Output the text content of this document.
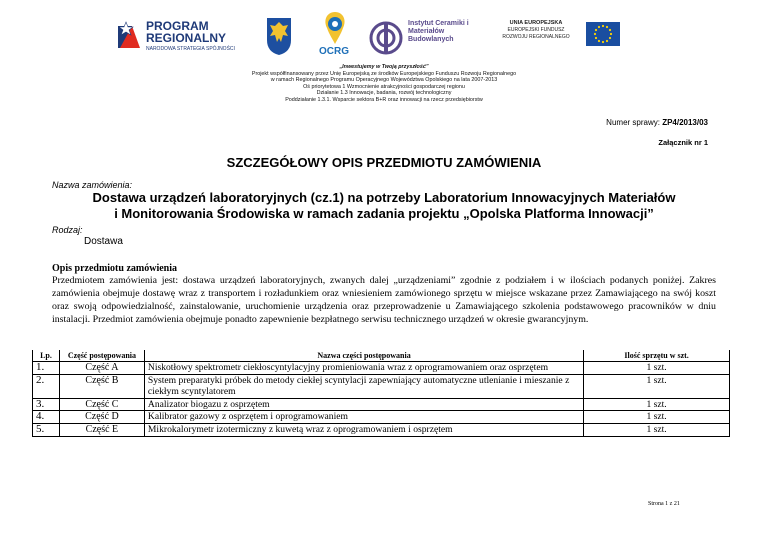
PROGRAM
REGIONALNY
NARODOWA STRATEGIA SPÓJNOŚCI	OCRG
Instytut Ceramiki i Materiałów Budowlanych
UNIA EUROPEJSKA
EUROPEJSKI FUNDUSZ
ROZWOJU REGIONALNEGO
„Inwestujemy w Twoją przyszłość”
Projekt współfinansowany przez Unię Europejską ze środków Europejskiego Funduszu Rozwoju Regionalnego
w ramach Regionalnego Programu Operacyjnego Województwa Opolskiego na lata 2007-2013
Oś priorytetowa 1 Wzmocnienie atrakcyjności gospodarczej regionu
Działanie 1.3 Innowacje, badania, rozwój technologiczny
Poddziałanie 1.3.1. Wsparcie sektora B+R oraz innowacji na rzecz przedsiębiorstw
Numer sprawy: ZP4/2013/03
Załącznik nr 1
SZCZEGÓŁOWY OPIS PRZEDMIOTU ZAMÓWIENIA
Nazwa zamówienia:
Dostawa urządzeń laboratoryjnych (cz.1) na potrzeby Laboratorium Innowacyjnych Materiałów
i Monitorowania Środowiska w ramach zadania projektu „Opolska Platforma Innowacji”
Rodzaj:
Dostawa
Opis przedmiotu zamówienia
Przedmiotem zamówienia jest: dostawa urządzeń laboratoryjnych, zwanych dalej „urządzeniami” zgodnie z podziałem i w ilościach podanych poniżej. Zakres zamówienia obejmuje dostawę wraz z transportem i rozładunkiem oraz wniesieniem zamówionego sprzętu w miejsce wskazane przez Zamawiającego na swój koszt oraz swoją odpowiedzialność, zainstalowanie, uruchomienie urządzenia oraz przeprowadzenie u Zamawiającego szkolenia podstawowego pracowników w dniu instalacji. Przedmiot zamówienia obejmuje ponadto zapewnienie bezpłatnego serwisu technicznego urządzeń w okresie gwarancyjnym.
Lp.	Część postępowania	Nazwa części postępowania	Ilość sprzętu w szt.
1.	Część A	Niskotłowy spektrometr ciekłoscyntylacyjny promieniowania wraz z oprogramowaniem oraz osprzętem	1 szt.
2.	Część B	System preparatyki próbek do metody ciekłej scyntylacji zapewniający automatyczne utlenianie i mieszanie z ciekłym scyntylatorem	1 szt.
3.	Część C	Analizator biogazu z osprzętem	1 szt.
4.	Część D	Kalibrator gazowy z osprzętem i oprogramowaniem	1 szt.
5.	Część E	Mikrokalorymetr izotermiczny z kuwetą wraz z oprogramowaniem i osprzętem	1 szt.
Strona 1 z 21
